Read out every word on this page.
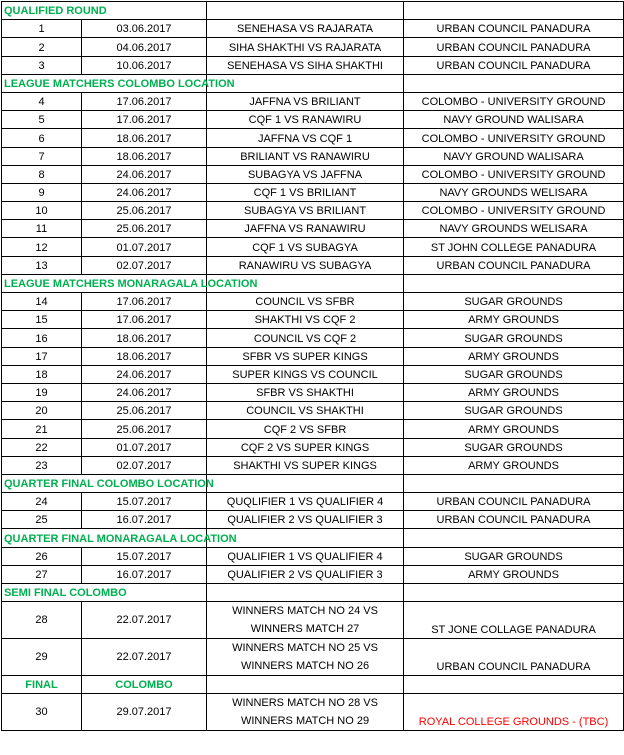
QUALIFIED ROUND			
1	03.06.2017	SENEHASA VS RAJARATA	URBAN COUNCIL PANADURA
2	04.06.2017	SIHA SHAKTHI VS RAJARATA	URBAN COUNCIL PANADURA
3	10.06.2017	SENEHASA VS SIHA SHAKTHI	URBAN COUNCIL PANADURA
LEAGUE MATCHERS COLOMBO LOCATION			
4	17.06.2017	JAFFNA VS BRILIANT	COLOMBO - UNIVERSITY GROUND
5	17.06.2017	CQF 1 VS RANAWIRU	NAVY GROUND WALISARA
6	18.06.2017	JAFFNA VS CQF 1	COLOMBO - UNIVERSITY GROUND
7	18.06.2017	BRILIANT VS RANAWIRU	NAVY GROUND WALISARA
8	24.06.2017	SUBAGYA VS JAFFNA	COLOMBO - UNIVERSITY GROUND
9	24.06.2017	CQF 1 VS BRILIANT	NAVY GROUNDS WELISARA
10	25.06.2017	SUBAGYA VS BRILIANT	COLOMBO - UNIVERSITY GROUND
11	25.06.2017	JAFFNA VS RANAWIRU	NAVY GROUNDS WELISARA
12	01.07.2017	CQF 1 VS SUBAGYA	ST JOHN COLLEGE PANADURA
13	02.07.2017	RANAWIRU VS SUBAGYA	URBAN COUNCIL PANADURA
LEAGUE MATCHERS MONARAGALA LOCATION			
14	17.06.2017	COUNCIL VS SFBR	SUGAR GROUNDS
15	17.06.2017	SHAKTHI VS CQF 2	ARMY GROUNDS
16	18.06.2017	COUNCIL VS CQF 2	SUGAR GROUNDS
17	18.06.2017	SFBR VS SUPER KINGS	ARMY GROUNDS
18	24.06.2017	SUPER KINGS VS COUNCIL	SUGAR GROUNDS
19	24.06.2017	SFBR VS SHAKTHI	ARMY GROUNDS
20	25.06.2017	COUNCIL VS SHAKTHI	SUGAR GROUNDS
21	25.06.2017	CQF 2 VS SFBR	ARMY GROUNDS
22	01.07.2017	CQF 2 VS SUPER KINGS	SUGAR GROUNDS
23	02.07.2017	SHAKTHI VS SUPER KINGS	ARMY GROUNDS
QUARTER FINAL COLOMBO LOCATION			
24	15.07.2017	QUQLIFIER 1 VS QUALIFIER 4	URBAN COUNCIL PANADURA
25	16.07.2017	QUALIFIER 2 VS QUALIFIER 3	URBAN COUNCIL PANADURA
QUARTER FINAL MONARAGALA LOCATION			
26	15.07.2017	QUALIFIER 1 VS QUALIFIER 4	SUGAR GROUNDS
27	16.07.2017	QUALIFIER 2 VS QUALIFIER 3	ARMY GROUNDS
SEMI FINAL COLOMBO			
28	22.07.2017	WINNERS MATCH NO 24 VS WINNERS MATCH 27	ST JONE COLLAGE PANADURA
29	22.07.2017	WINNERS MATCH NO 25 VS WINNERS MATCH NO 26	URBAN COUNCIL PANADURA
FINAL	COLOMBO		
30	29.07.2017	WINNERS MATCH NO 28 VS WINNERS MATCH NO 29	ROYAL COLLEGE GROUNDS - (TBC)
